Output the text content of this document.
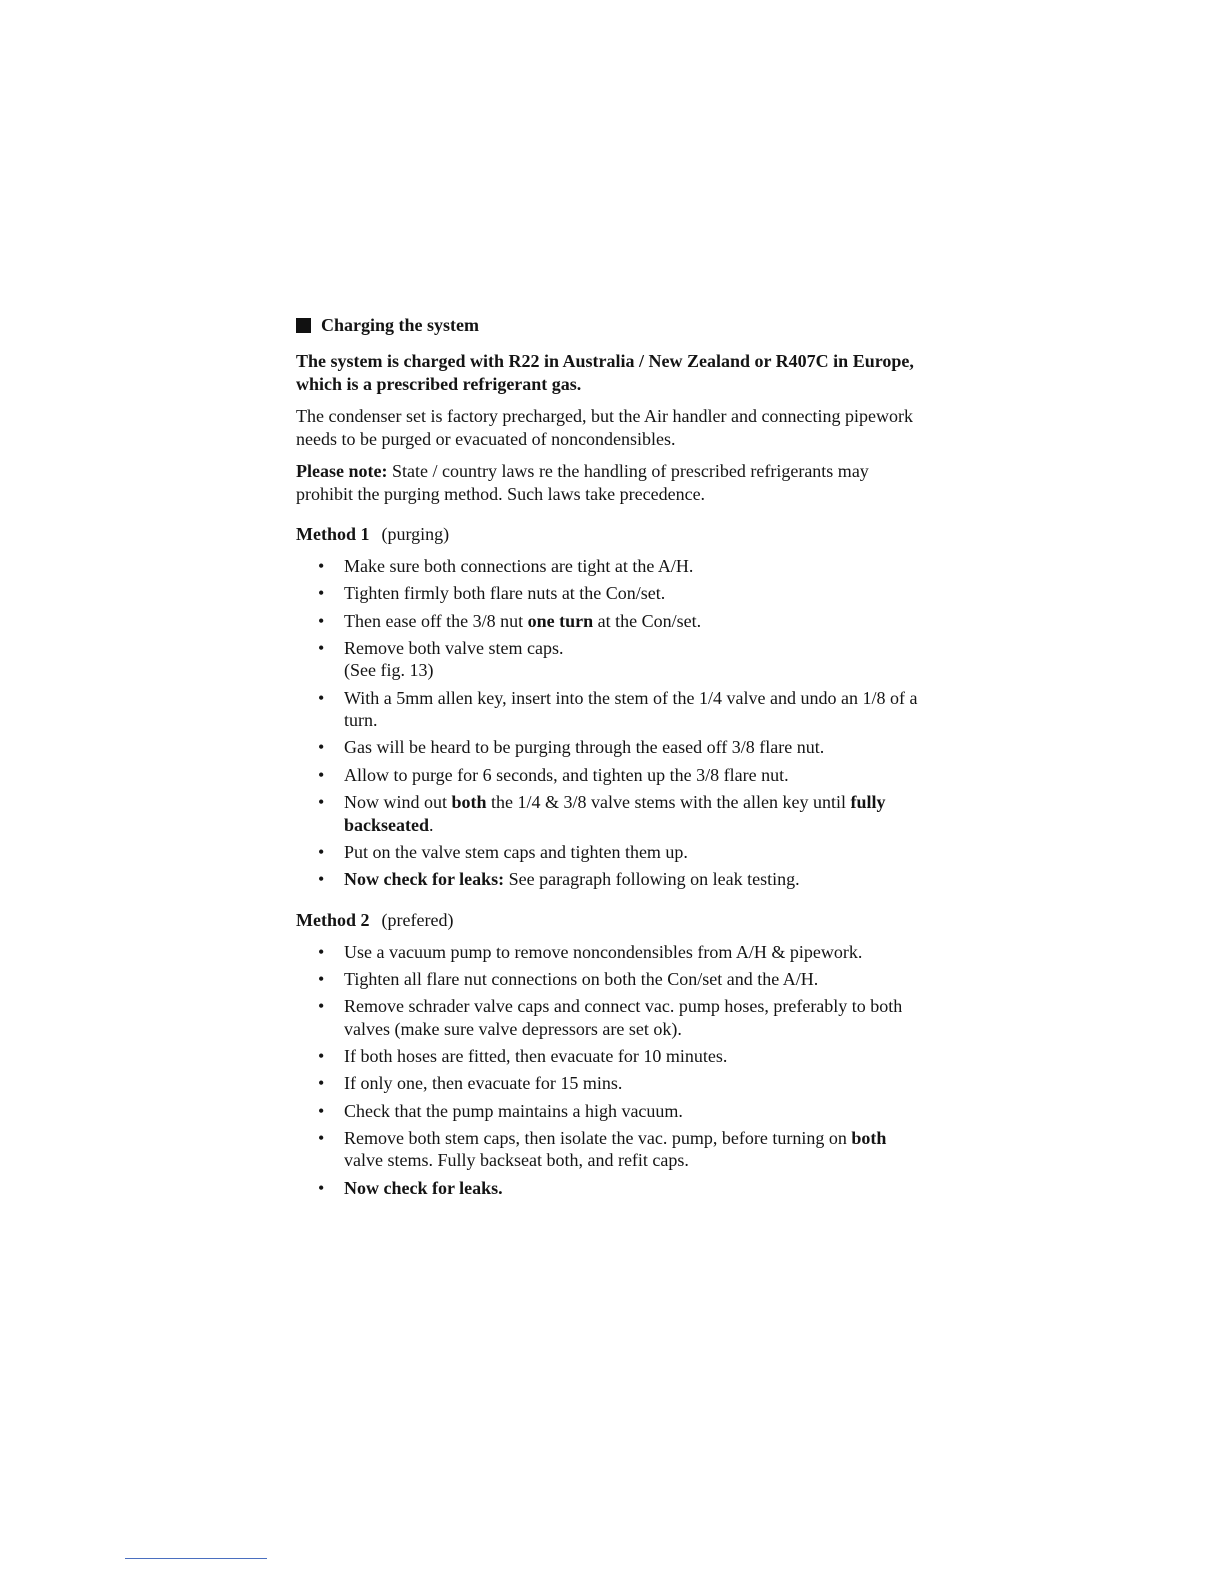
Charging the system

The system is charged with R22 in Australia / New Zealand or R407C in Europe, which is a prescribed refrigerant gas.

The condenser set is factory precharged, but the Air handler and connecting pipework needs to be purged or evacuated of noncondensibles.

Please note: State / country laws re the handling of prescribed refrigerants may prohibit the purging method. Such laws take precedence.

Method 1 (purging)
• Make sure both connections are tight at the A/H.
• Tighten firmly both flare nuts at the Con/set.
• Then ease off the 3/8 nut one turn at the Con/set.
• Remove both valve stem caps.
(See fig. 13)
• With a 5mm allen key, insert into the stem of the 1/4 valve and undo an 1/8 of a turn.
• Gas will be heard to be purging through the eased off 3/8 flare nut.
• Allow to purge for 6 seconds, and tighten up the 3/8 flare nut.
• Now wind out both the 1/4 & 3/8 valve stems with the allen key until fully backseated.
• Put on the valve stem caps and tighten them up.
• Now check for leaks: See paragraph following on leak testing.
Method 2 (prefered)
• Use a vacuum pump to remove noncondensibles from A/H & pipework.
• Tighten all flare nut connections on both the Con/set and the A/H.
• Remove schrader valve caps and connect vac. pump hoses, preferably to both valves (make sure valve depressors are set ok).
• If both hoses are fitted, then evacuate for 10 minutes.
• If only one, then evacuate for 15 mins.
• Check that the pump maintains a high vacuum.
• Remove both stem caps, then isolate the vac. pump, before turning on both valve stems. Fully backseat both, and refit caps.
• Now check for leaks.
